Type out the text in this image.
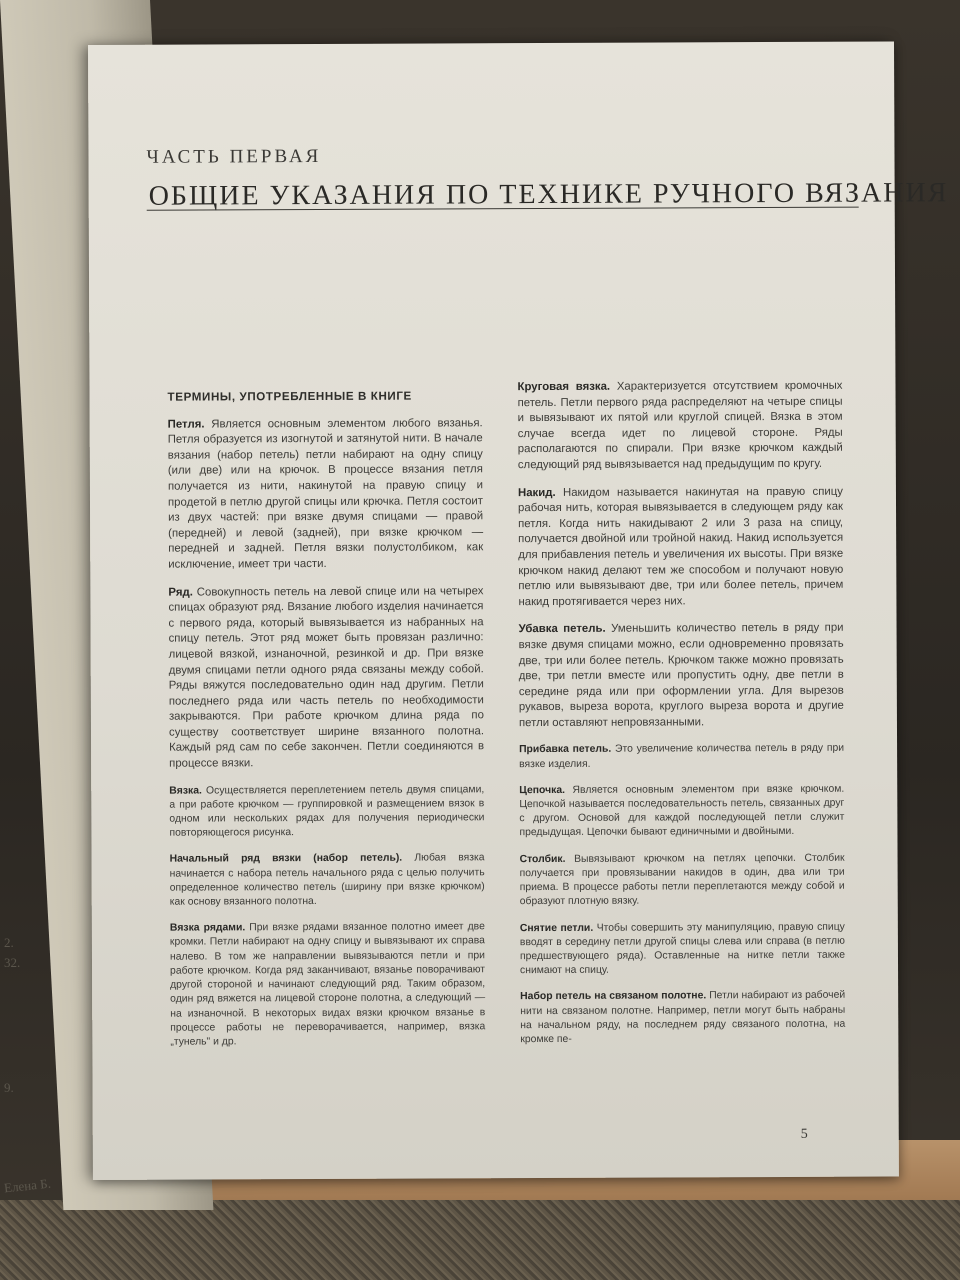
2.
32.
9.
Елена Б.
ЧАСТЬ ПЕРВАЯ
ОБЩИЕ УКАЗАНИЯ ПО ТЕХНИКЕ РУЧНОГО ВЯЗАНИЯ
ТЕРМИНЫ, УПОТРЕБЛЕННЫЕ В КНИГЕ

Петля. Является основным элементом любого вязанья. Петля образуется из изогнутой и затянутой нити. В начале вязания (набор петель) петли набирают на одну спицу (или две) или на крючок. В процессе вязания петля получается из нити, накинутой на правую спицу и продетой в петлю другой спицы или крючка. Петля состоит из двух частей: при вязке двумя спицами — правой (передней) и левой (задней), при вязке крючком — передней и задней. Петля вязки полустолбиком, как исключение, имеет три части.

Ряд. Совокупность петель на левой спице или на четырех спицах образуют ряд. Вязание любого изделия начинается с первого ряда, который вывязывается из набранных на спицу петель. Этот ряд может быть провязан различно: лицевой вязкой, изнаночной, резинкой и др. При вязке двумя спицами петли одного ряда связаны между собой. Ряды вяжутся последовательно один над другим. Петли последнего ряда или часть петель по необходимости закрываются. При работе крючком длина ряда по существу соответствует ширине вязанного полотна. Каждый ряд сам по себе закончен. Петли соединяются в процессе вязки.

Вязка. Осуществляется переплетением петель двумя спицами, а при работе крючком — группировкой и размещением вязок в одном или нескольких рядах для получения периодически повторяющегося рисунка.

Начальный ряд вязки (набор петель). Любая вязка начинается с набора петель начального ряда с целью получить определенное количество петель (ширину при вязке крючком) как основу вязанного полотна.

Вязка рядами. При вязке рядами вязанное полотно имеет две кромки. Петли набирают на одну спицу и вывязывают их справа налево. В том же направлении вывязываются петли и при работе крючком. Когда ряд заканчивают, вязанье поворачивают другой стороной и начинают следующий ряд. Таким образом, один ряд вяжется на лицевой стороне полотна, а следующий — на изнаночной. В некоторых видах вязки крючком вязанье в процессе работы не переворачивается, например, вязка „тунель" и др.

Круговая вязка. Характеризуется отсутствием кромочных петель. Петли первого ряда распределяют на четыре спицы и вывязывают их пятой или круглой спицей. Вязка в этом случае всегда идет по лицевой стороне. Ряды располагаются по спирали. При вязке крючком каждый следующий ряд вывязывается над предыдущим по кругу.

Накид. Накидом называется накинутая на правую спицу рабочая нить, которая вывязывается в следующем ряду как петля. Когда нить накидывают 2 или 3 раза на спицу, получается двойной или тройной накид. Накид используется для прибавления петель и увеличения их высоты. При вязке крючком накид делают тем же способом и получают новую петлю или вывязывают две, три или более петель, причем накид протягивается через них.

Убавка петель. Уменьшить количество петель в ряду при вязке двумя спицами можно, если одновременно провязать две, три или более петель. Крючком также можно провязать две, три петли вместе или пропустить одну, две петли в середине ряда или при оформлении угла. Для вырезов рукавов, выреза ворота, круглого выреза ворота и другие петли оставляют непровязанными.

Прибавка петель. Это увеличение количества петель в ряду при вязке изделия.

Цепочка. Является основным элементом при вязке крючком. Цепочкой называется последовательность петель, связанных друг с другом. Основой для каждой последующей петли служит предыдущая. Цепочки бывают единичными и двойными.

Столбик. Вывязывают крючком на петлях цепочки. Столбик получается при провязывании накидов в один, два или три приема. В процессе работы петли переплетаются между собой и образуют плотную вязку.

Снятие петли. Чтобы совершить эту манипуляцию, правую спицу вводят в середину петли другой спицы слева или справа (в петлю предшествующего ряда). Оставленные на нитке петли также снимают на спицу.

Набор петель на связаном полотне. Петли набирают из рабочей нити на связаном полотне. Например, петли могут быть набраны на начальном ряду, на последнем ряду связаного полотна, на кромке пе-

5
